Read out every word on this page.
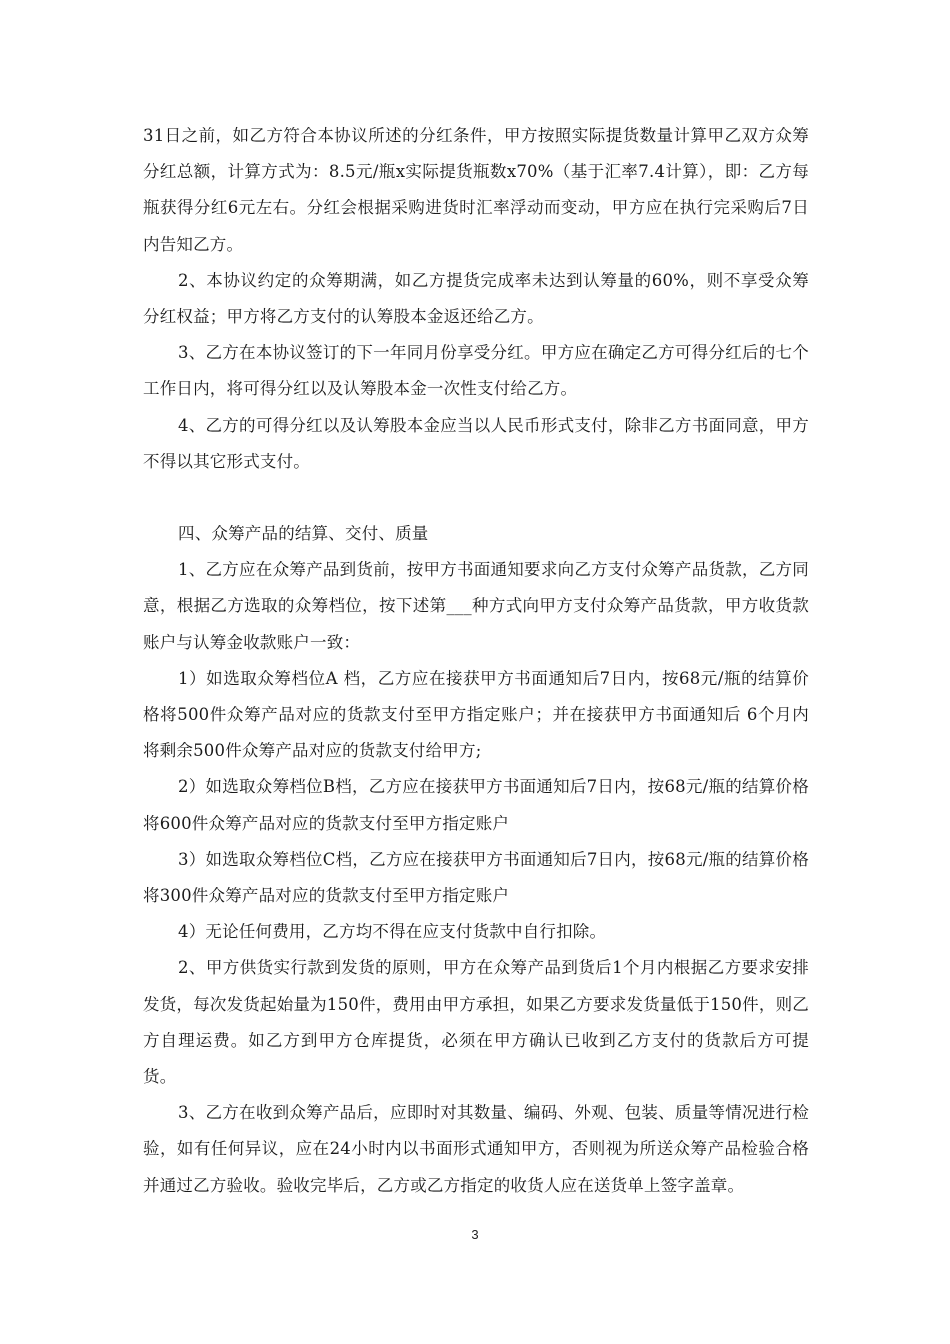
31日之前，如乙方符合本协议所述的分红条件，甲方按照实际提货数量计算甲乙双方众筹分红总额，计算方式为：8.5元/瓶x实际提货瓶数x70%（基于汇率7.4计算），即：乙方每瓶获得分红6元左右。分红会根据采购进货时汇率浮动而变动，甲方应在执行完采购后7日内告知乙方。

2、本协议约定的众筹期满，如乙方提货完成率未达到认筹量的60%，则不享受众筹分红权益；甲方将乙方支付的认筹股本金返还给乙方。

3、乙方在本协议签订的下一年同月份享受分红。甲方应在确定乙方可得分红后的七个工作日内，将可得分红以及认筹股本金一次性支付给乙方。

4、乙方的可得分红以及认筹股本金应当以人民币形式支付，除非乙方书面同意，甲方不得以其它形式支付。

四、众筹产品的结算、交付、质量

1、乙方应在众筹产品到货前，按甲方书面通知要求向乙方支付众筹产品货款，乙方同意，根据乙方选取的众筹档位，按下述第___种方式向甲方支付众筹产品货款，甲方收货款账户与认筹金收款账户一致：

1）如选取众筹档位A 档，乙方应在接获甲方书面通知后7日内，按68元/瓶的结算价格将500件众筹产品对应的货款支付至甲方指定账户；并在接获甲方书面通知后 6个月内将剩余500件众筹产品对应的货款支付给甲方;

2）如选取众筹档位B档，乙方应在接获甲方书面通知后7日内，按68元/瓶的结算价格将600件众筹产品对应的货款支付至甲方指定账户

3）如选取众筹档位C档，乙方应在接获甲方书面通知后7日内，按68元/瓶的结算价格将300件众筹产品对应的货款支付至甲方指定账户

4）无论任何费用，乙方均不得在应支付货款中自行扣除。

2、甲方供货实行款到发货的原则，甲方在众筹产品到货后1个月内根据乙方要求安排发货，每次发货起始量为150件，费用由甲方承担，如果乙方要求发货量低于150件，则乙方自理运费。如乙方到甲方仓库提货，必须在甲方确认已收到乙方支付的货款后方可提货。

3、乙方在收到众筹产品后，应即时对其数量、编码、外观、包装、质量等情况进行检验，如有任何异议，应在24小时内以书面形式通知甲方，否则视为所送众筹产品检验合格并通过乙方验收。验收完毕后，乙方或乙方指定的收货人应在送货单上签字盖章。

3
